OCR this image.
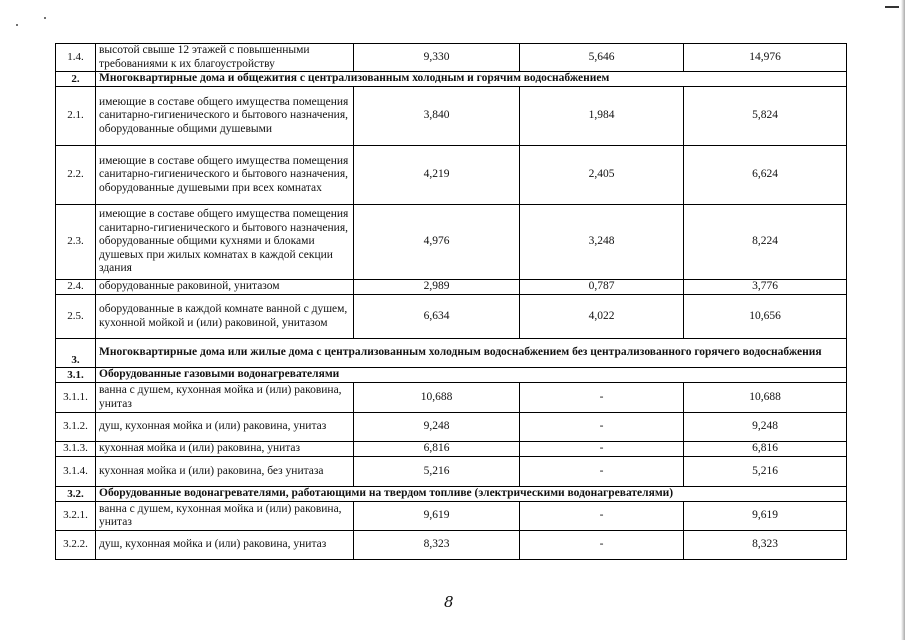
1.4.	высотой свыше 12 этажей с повышенными требованиями к их благоустройству	9,330	5,646	14,976
2.	Многоквартирные дома и общежития с централизованным холодным и горячим водоснабжением			
2.1.	имеющие в составе общего имущества помещения санитарно-гигиенического и бытового назначения, оборудованные общими душевыми	3,840	1,984	5,824
2.2.	имеющие в составе общего имущества помещения санитарно-гигиенического и бытового назначения, оборудованные душевыми при всех комнатах	4,219	2,405	6,624
2.3.	имеющие в составе общего имущества помещения санитарно-гигиенического и бытового назначения, оборудованные общими кухнями и блоками душевых при жилых комнатах в каждой секции здания	4,976	3,248	8,224
2.4.	оборудованные раковиной, унитазом	2,989	0,787	3,776
2.5.	оборудованные в каждой комнате ванной с душем, кухонной мойкой и (или) раковиной, унитазом	6,634	4,022	10,656
3.	Многоквартирные дома или жилые дома с централизованным холодным водоснабжением без централизованного горячего водоснабжения			
3.1.	Оборудованные газовыми водонагревателями			
3.1.1.	ванна с душем, кухонная мойка и (или) раковина, унитаз	10,688	-	10,688
3.1.2.	душ, кухонная мойка и (или) раковина, унитаз	9,248	-	9,248
3.1.3.	кухонная мойка и (или) раковина, унитаз	6,816	-	6,816
3.1.4.	кухонная мойка и (или) раковина, без унитаза	5,216	-	5,216
3.2.	Оборудованные водонагревателями, работающими на твердом топливе (электрическими водонагревателями)			
3.2.1.	ванна с душем, кухонная мойка и (или) раковина, унитаз	9,619	-	9,619
3.2.2.	душ, кухонная мойка и (или) раковина, унитаз	8,323	-	8,323
8
